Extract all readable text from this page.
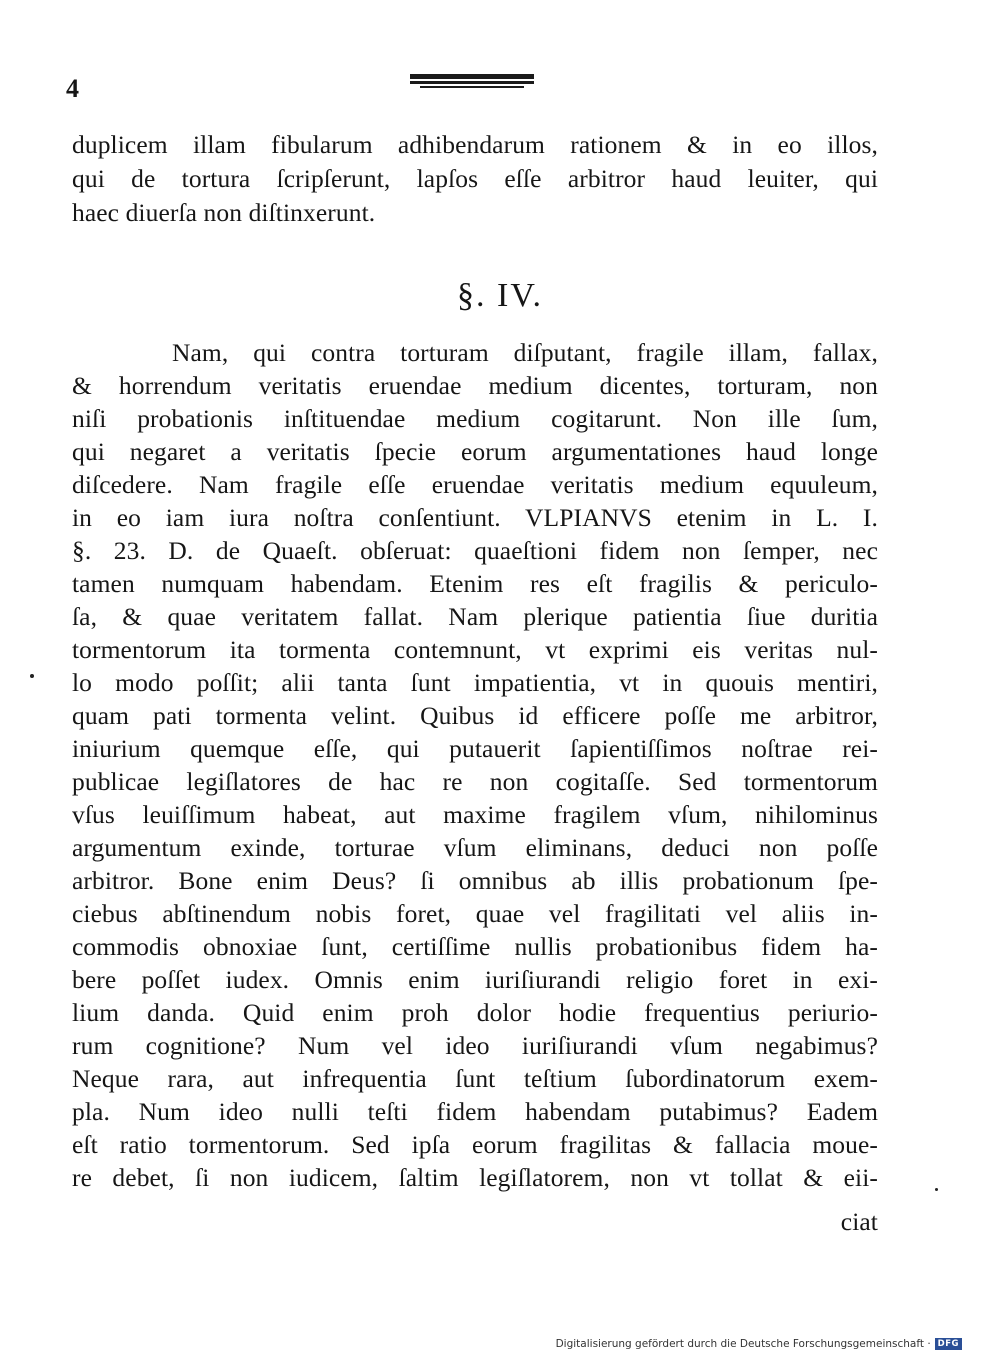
4
duplicem illam fibularum adhibendarum rationem & in eo illos,
qui de tortura ſcripſerunt, lapſos eſſe arbitror haud leuiter, qui
haec diuerſa non diſtinxerunt.
§. IV.
Nam, qui contra torturam diſputant, fragile illam, fallax,
& horrendum veritatis eruendae medium dicentes, torturam, non
niſi probationis inſtituendae medium cogitarunt. Non ille ſum,
qui negaret a veritatis ſpecie eorum argumentationes haud longe
diſcedere. Nam fragile eſſe eruendae veritatis medium equuleum,
in eo iam iura noſtra conſentiunt. VLPIANVS etenim in L. I.
§. 23. D. de Quaeſt. obſeruat: quaeſtioni fidem non ſemper, nec
tamen numquam habendam. Etenim res eſt fragilis & periculo-
ſa, & quae veritatem fallat. Nam plerique patientia ſiue duritia
tormentorum ita tormenta contemnunt, vt exprimi eis veritas nul-
lo modo poſſit; alii tanta ſunt impatientia, vt in quouis mentiri,
quam pati tormenta velint. Quibus id efficere poſſe me arbitror,
iniurium quemque eſſe, qui putauerit ſapientiſſimos noſtrae rei-
publicae legiſlatores de hac re non cogitaſſe. Sed tormentorum
vſus leuiſſimum habeat, aut maxime fragilem vſum, nihilominus
argumentum exinde, torturae vſum eliminans, deduci non poſſe
arbitror. Bone enim Deus? ſi omnibus ab illis probationum ſpe-
ciebus abſtinendum nobis foret, quae vel fragilitati vel aliis in-
commodis obnoxiae ſunt, certiſſime nullis probationibus fidem ha-
bere poſſet iudex. Omnis enim iuriſiurandi religio foret in exi-
lium danda. Quid enim proh dolor hodie frequentius periurio-
rum cognitione? Num vel ideo iuriſiurandi vſum negabimus?
Neque rara, aut infrequentia ſunt teſtium ſubordinatorum exem-
pla. Num ideo nulli teſti fidem habendam putabimus? Eadem
eſt ratio tormentorum. Sed ipſa eorum fragilitas & fallacia moue-
re debet, ſi non iudicem, ſaltim legiſlatorem, non vt tollat & eii-
ciat
Digitalisierung gefördert durch die Deutsche Forschungsgemeinschaft · DFG
